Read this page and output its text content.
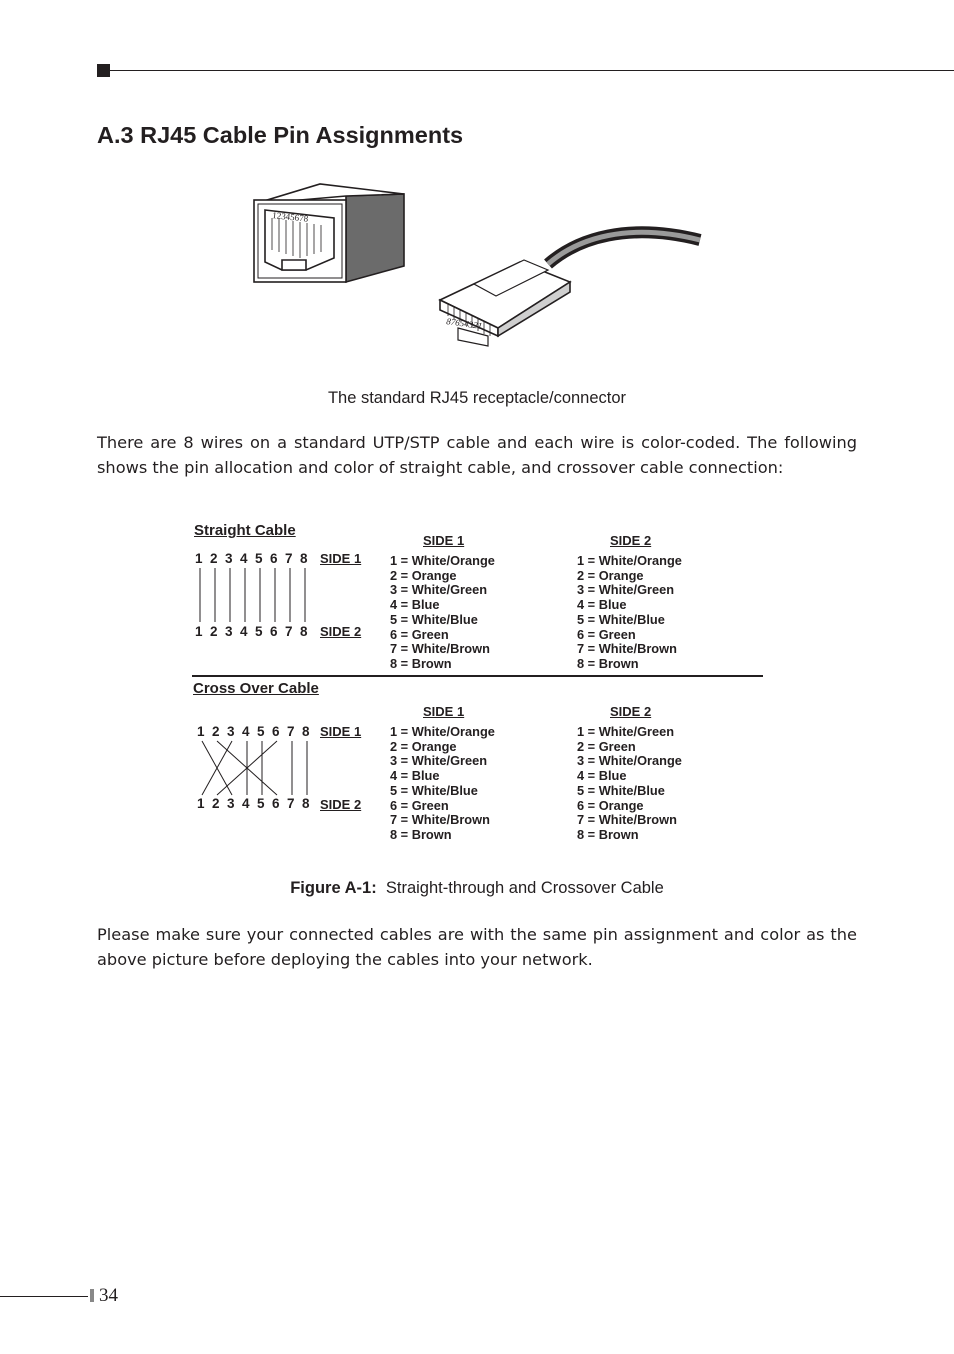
A.3 RJ45 Cable Pin Assignments
12345678
87654321
The standard RJ45 receptacle/connector

There are 8 wires on a standard UTP/STP cable and each wire is color-coded. The following shows the pin allocation and color of straight cable, and crossover cable connection:

Straight Cable
1 2 3 4 5 6 7 8
1 2 3 4 5 6 7 8
SIDE 1
SIDE 2
SIDE 1	SIDE 2
1 = White/Orange
2 = Orange
3 = White/Green
4 = Blue
5 = White/Blue
6 = Green
7 = White/Brown
8 = Brown
1 = White/Orange
2 = Orange
3 = White/Green
4 = Blue
5 = White/Blue
6 = Green
7 = White/Brown
8 = Brown
Cross Over Cable
1 2 3 4 5 6 7 8
1 2 3 4 5 6 7 8
SIDE 1
SIDE 2
SIDE 1	SIDE 2
1 = White/Orange
2 = Orange
3 = White/Green
4 = Blue
5 = White/Blue
6 = Green
7 = White/Brown
8 = Brown
1 = White/Green
2 = Green
3 = White/Orange
4 = Blue
5 = White/Blue
6 = Orange
7 = White/Brown
8 = Brown
Figure A-1: Straight-through and Crossover Cable

Please make sure your connected cables are with the same pin assignment and color as the above picture before deploying the cables into your network.

34
